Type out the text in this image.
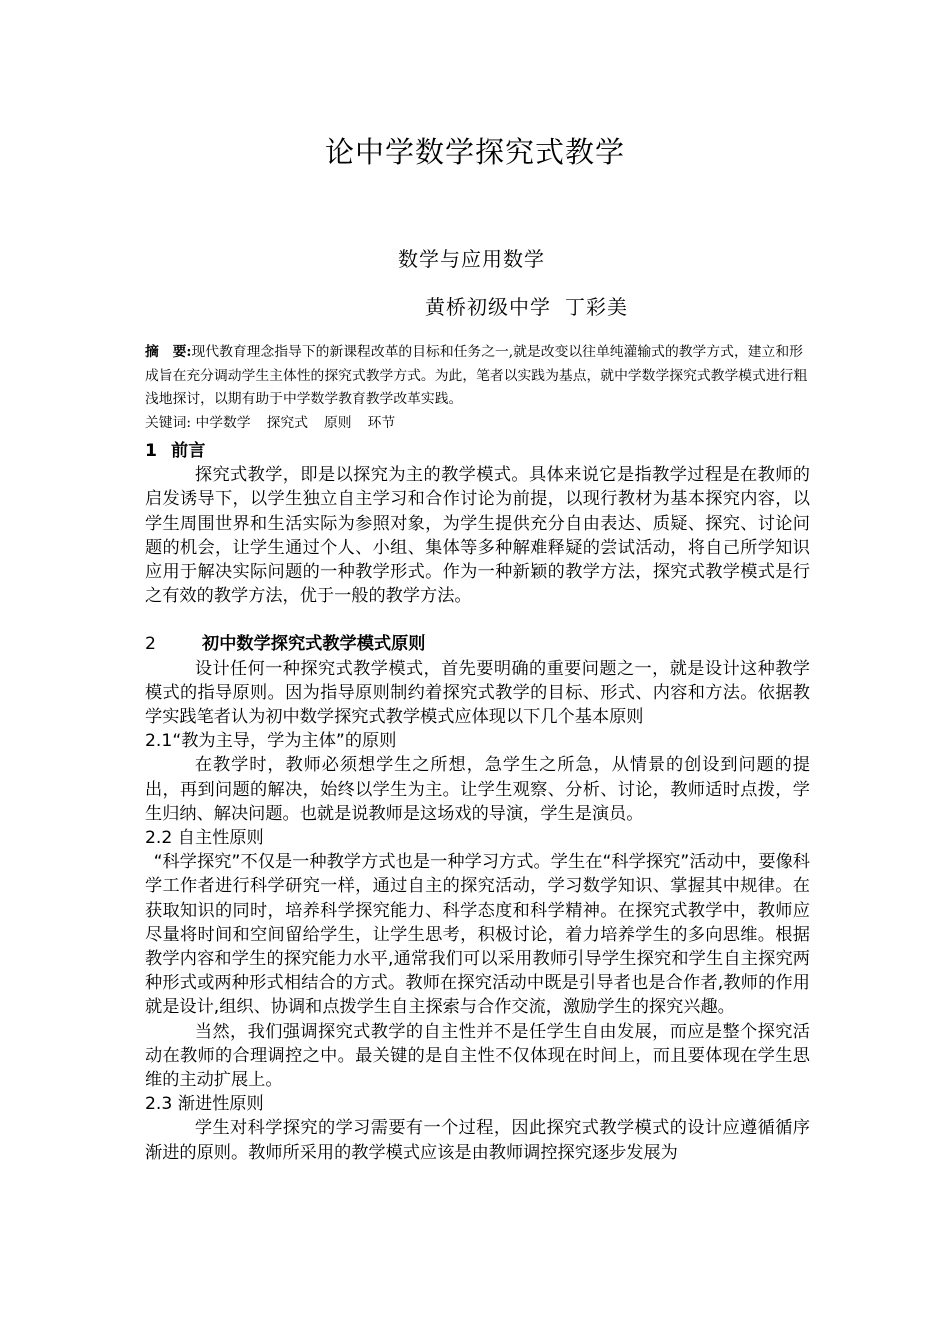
论中学数学探究式教学
数学与应用数学
黄桥初级中学 丁彩美

摘　要:现代教育理念指导下的新课程改革的目标和任务之一,就是改变以往单纯灌输式的教学方式，建立和形成旨在充分调动学生主体性的探究式教学方式。为此，笔者以实践为基点，就中学数学探究式教学模式进行粗浅地探讨，以期有助于中学数学教育教学改革实践。

关键词: 中学数学 探究式 原则 环节

1 前言

探究式教学，即是以探究为主的教学模式。具体来说它是指教学过程是在教师的启发诱导下，以学生独立自主学习和合作讨论为前提，以现行教材为基本探究内容，以学生周围世界和生活实际为参照对象，为学生提供充分自由表达、质疑、探究、讨论问题的机会，让学生通过个人、小组、集体等多种解难释疑的尝试活动，将自己所学知识应用于解决实际问题的一种教学形式。作为一种新颖的教学方法，探究式教学模式是行之有效的教学方法，优于一般的教学方法。

2	初中数学探究式教学模式原则

设计任何一种探究式教学模式，首先要明确的重要问题之一，就是设计这种教学模式的指导原则。因为指导原则制约着探究式教学的目标、形式、内容和方法。依据教学实践笔者认为初中数学探究式教学模式应体现以下几个基本原则

2.1“教为主导，学为主体”的原则

在教学时，教师必须想学生之所想，急学生之所急，从情景的创设到问题的提出，再到问题的解决，始终以学生为主。让学生观察、分析、讨论，教师适时点拨，学生归纳、解决问题。也就是说教师是这场戏的导演，学生是演员。

2.2 自主性原则

“科学探究”不仅是一种教学方式也是一种学习方式。学生在“科学探究”活动中，要像科学工作者进行科学研究一样，通过自主的探究活动，学习数学知识、掌握其中规律。在获取知识的同时，培养科学探究能力、科学态度和科学精神。在探究式教学中，教师应尽量将时间和空间留给学生，让学生思考，积极讨论，着力培养学生的多向思维。根据教学内容和学生的探究能力水平,通常我们可以采用教师引导学生探究和学生自主探究两种形式或两种形式相结合的方式。教师在探究活动中既是引导者也是合作者,教师的作用就是设计,组织、协调和点拨学生自主探索与合作交流，激励学生的探究兴趣。

当然，我们强调探究式教学的自主性并不是任学生自由发展，而应是整个探究活动在教师的合理调控之中。最关键的是自主性不仅体现在时间上，而且要体现在学生思维的主动扩展上。

2.3 渐进性原则

学生对科学探究的学习需要有一个过程，因此探究式教学模式的设计应遵循循序渐进的原则。教师所采用的教学模式应该是由教师调控探究逐步发展为
